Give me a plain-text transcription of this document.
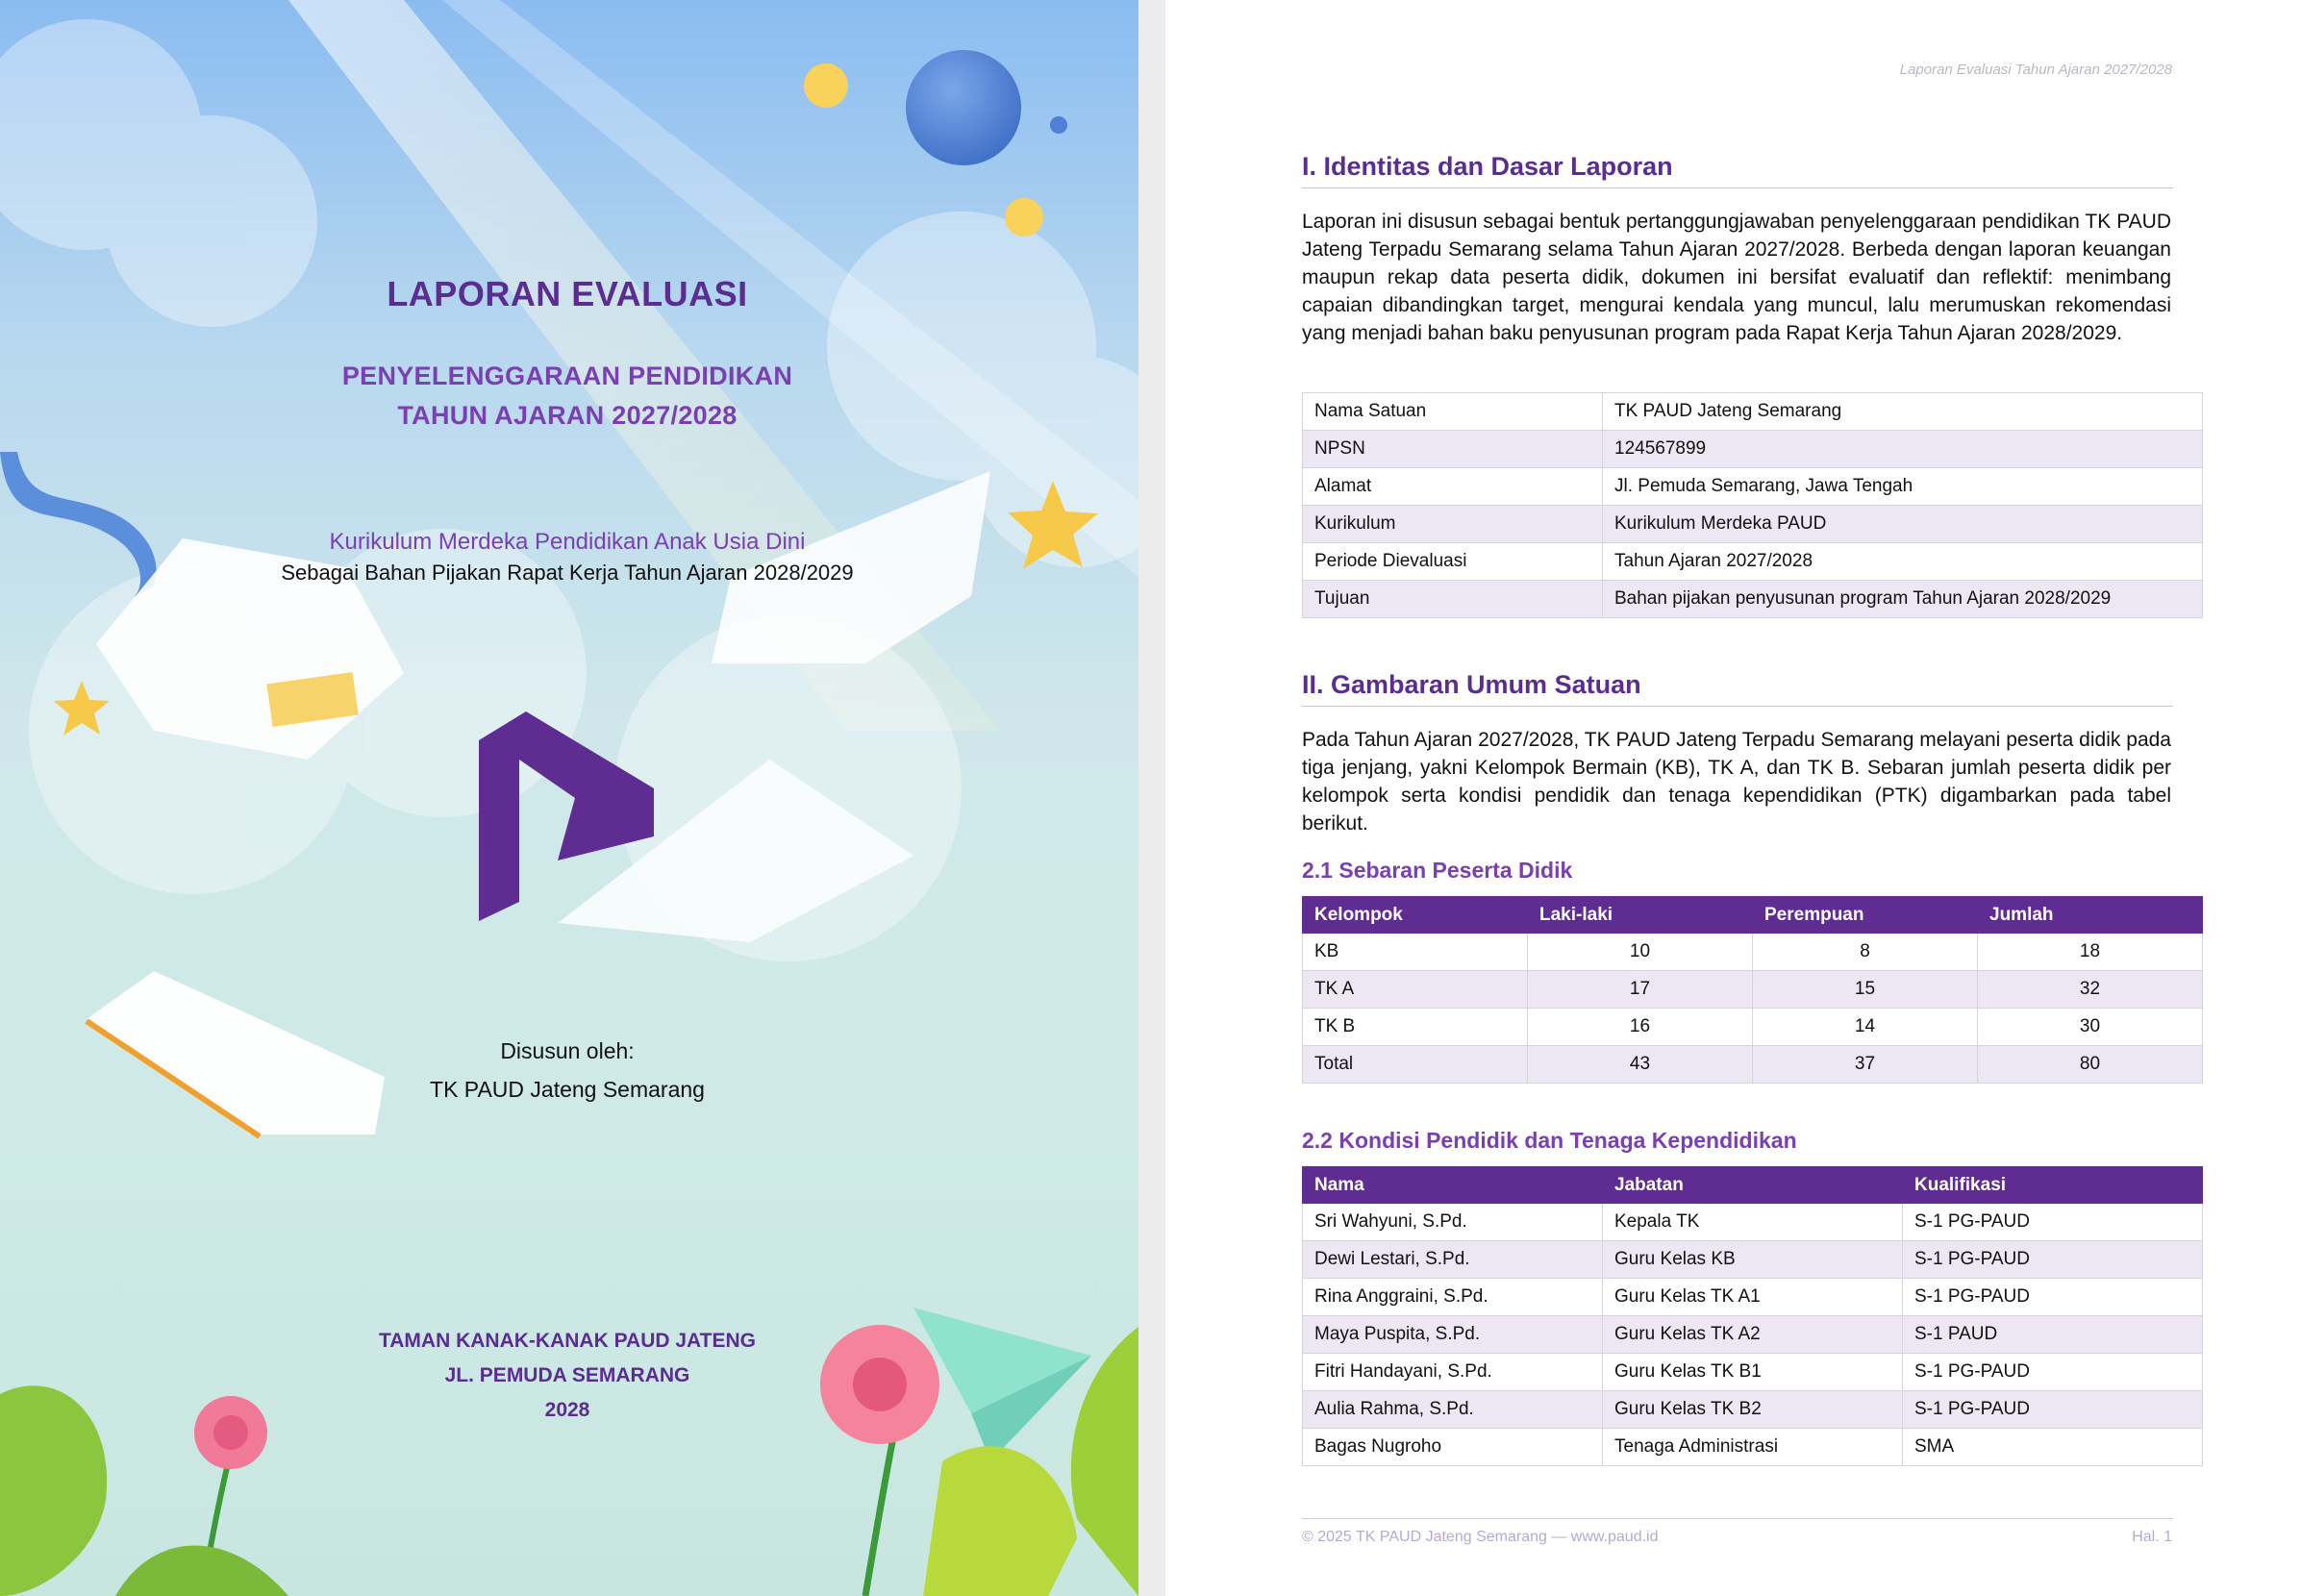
LAPORAN EVALUASI
PENYELENGGARAAN PENDIDIKAN
TAHUN AJARAN 2027/2028
Kurikulum Merdeka Pendidikan Anak Usia Dini
Sebagai Bahan Pijakan Rapat Kerja Tahun Ajaran 2028/2029
Disusun oleh:
TK PAUD Jateng Semarang
TAMAN KANAK-KANAK PAUD JATENG
JL. PEMUDA SEMARANG
2028
Laporan Evaluasi Tahun Ajaran 2027/2028
I. Identitas dan Dasar Laporan

Laporan ini disusun sebagai bentuk pertanggungjawaban penyelenggaraan pendidikan TK PAUD Jateng Terpadu Semarang selama Tahun Ajaran 2027/2028. Berbeda dengan laporan keuangan maupun rekap data peserta didik, dokumen ini bersifat evaluatif dan reflektif: menimbang capaian dibandingkan target, mengurai kendala yang muncul, lalu merumuskan rekomendasi yang menjadi bahan baku penyusunan program pada Rapat Kerja Tahun Ajaran 2028/2029.

Nama Satuan	TK PAUD Jateng Semarang
NPSN	124567899
Alamat	Jl. Pemuda Semarang, Jawa Tengah
Kurikulum	Kurikulum Merdeka PAUD
Periode Dievaluasi	Tahun Ajaran 2027/2028
Tujuan	Bahan pijakan penyusunan program Tahun Ajaran 2028/2029
II. Gambaran Umum Satuan

Pada Tahun Ajaran 2027/2028, TK PAUD Jateng Terpadu Semarang melayani peserta didik pada tiga jenjang, yakni Kelompok Bermain (KB), TK A, dan TK B. Sebaran jumlah peserta didik per kelompok serta kondisi pendidik dan tenaga kependidikan (PTK) digambarkan pada tabel berikut.

2.1 Sebaran Peserta Didik
Kelompok	Laki-laki	Perempuan	Jumlah
KB	10	8	18
TK A	17	15	32
TK B	16	14	30
Total	43	37	80
2.2 Kondisi Pendidik dan Tenaga Kependidikan
Nama	Jabatan	Kualifikasi
Sri Wahyuni, S.Pd.	Kepala TK	S-1 PG-PAUD
Dewi Lestari, S.Pd.	Guru Kelas KB	S-1 PG-PAUD
Rina Anggraini, S.Pd.	Guru Kelas TK A1	S-1 PG-PAUD
Maya Puspita, S.Pd.	Guru Kelas TK A2	S-1 PAUD
Fitri Handayani, S.Pd.	Guru Kelas TK B1	S-1 PG-PAUD
Aulia Rahma, S.Pd.	Guru Kelas TK B2	S-1 PG-PAUD
Bagas Nugroho	Tenaga Administrasi	SMA
© 2025 TK PAUD Jateng Semarang — www.paud.id	Hal. 1
